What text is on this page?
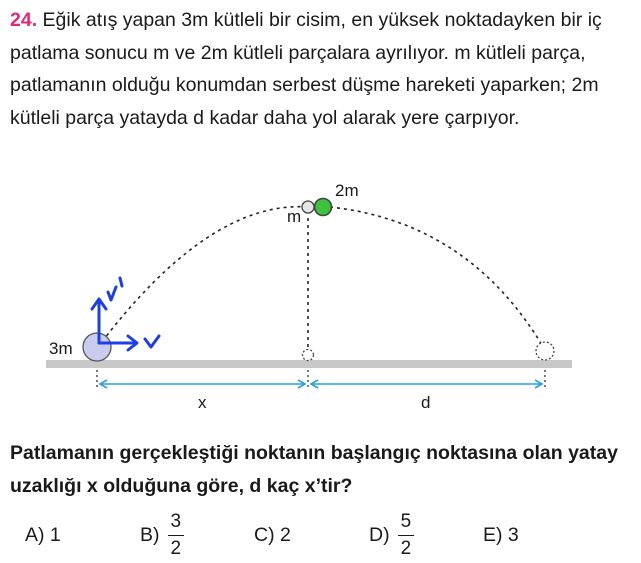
24. Eğik atış yapan 3m kütleli bir cisim, en yüksek noktadayken bir iç patlama sonucu m ve 2m kütleli parçalara ayrılıyor. m kütleli parça, patlamanın olduğu konumdan serbest düşme hareketi yaparken; 2m kütleli parça yatayda d kadar daha yol alarak yere çarpıyor.
3m
m
2m
x	d
Patlamanın gerçekleştiği noktanın başlangıç noktasına olan yatay uzaklığı x olduğuna göre, d kaç x’tir?
A)
1	$B) \frac{3}{2}$	C)
2	$D) \frac{5}{2}$	E)
3
